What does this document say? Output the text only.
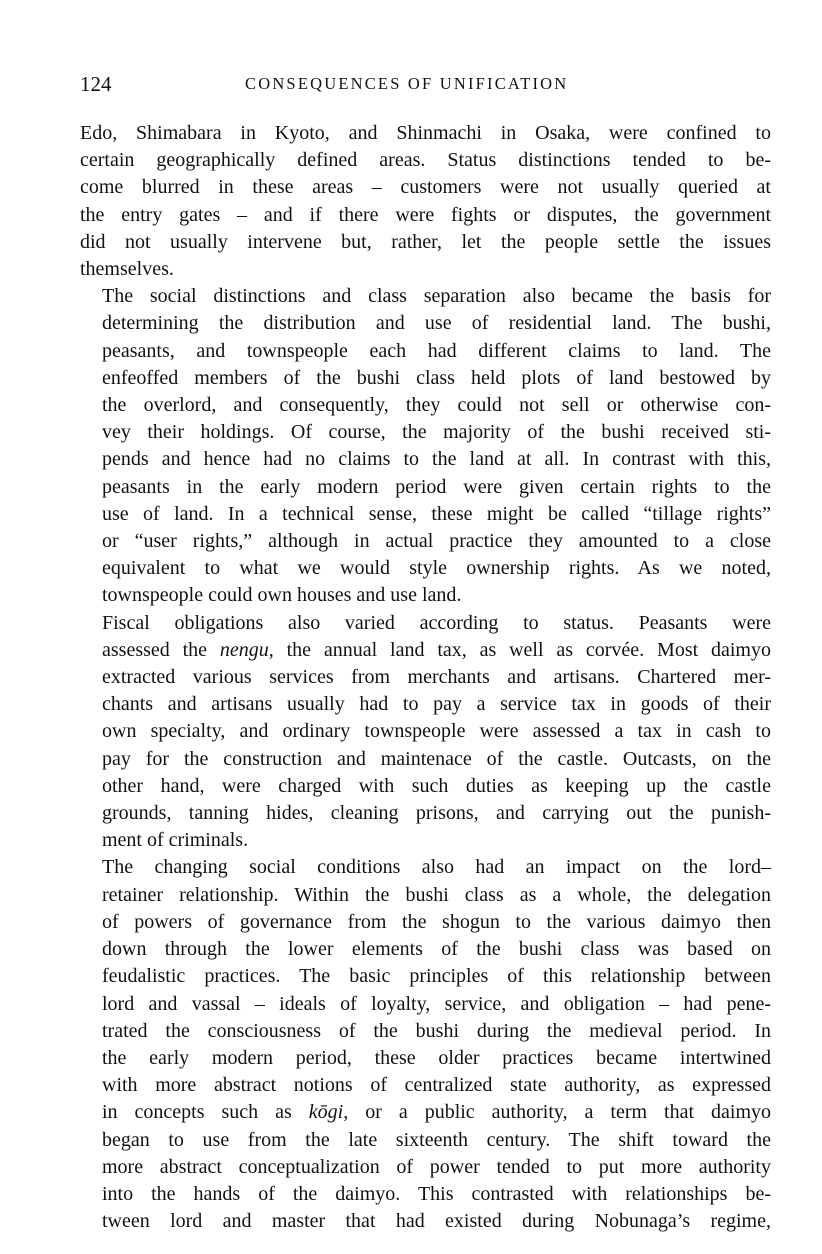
124	CONSEQUENCES OF UNIFICATION

Edo, Shimabara in Kyoto, and Shinmachi in Osaka, were confined to
certain geographically defined areas. Status distinctions tended to be-
come blurred in these areas – customers were not usually queried at
the entry gates – and if there were fights or disputes, the government
did not usually intervene but, rather, let the people settle the issues
themselves.

The social distinctions and class separation also became the basis for
determining the distribution and use of residential land. The bushi,
peasants, and townspeople each had different claims to land. The
enfeoffed members of the bushi class held plots of land bestowed by
the overlord, and consequently, they could not sell or otherwise con-
vey their holdings. Of course, the majority of the bushi received sti-
pends and hence had no claims to the land at all. In contrast with this,
peasants in the early modern period were given certain rights to the
use of land. In a technical sense, these might be called “tillage rights”
or “user rights,” although in actual practice they amounted to a close
equivalent to what we would style ownership rights. As we noted,
townspeople could own houses and use land.

Fiscal obligations also varied according to status. Peasants were
assessed the nengu, the annual land tax, as well as corvée. Most daimyo
extracted various services from merchants and artisans. Chartered mer-
chants and artisans usually had to pay a service tax in goods of their
own specialty, and ordinary townspeople were assessed a tax in cash to
pay for the construction and maintenace of the castle. Outcasts, on the
other hand, were charged with such duties as keeping up the castle
grounds, tanning hides, cleaning prisons, and carrying out the punish-
ment of criminals.

The changing social conditions also had an impact on the lord–
retainer relationship. Within the bushi class as a whole, the delegation
of powers of governance from the shogun to the various daimyo then
down through the lower elements of the bushi class was based on
feudalistic practices. The basic principles of this relationship between
lord and vassal – ideals of loyalty, service, and obligation – had pene-
trated the consciousness of the bushi during the medieval period. In
the early modern period, these older practices became intertwined
with more abstract notions of centralized state authority, as expressed
in concepts such as kōgi, or a public authority, a term that daimyo
began to use from the late sixteenth century. The shift toward the
more abstract conceptualization of power tended to put more authority
into the hands of the daimyo. This contrasted with relationships be-
tween lord and master that had existed during Nobunaga’s regime,
